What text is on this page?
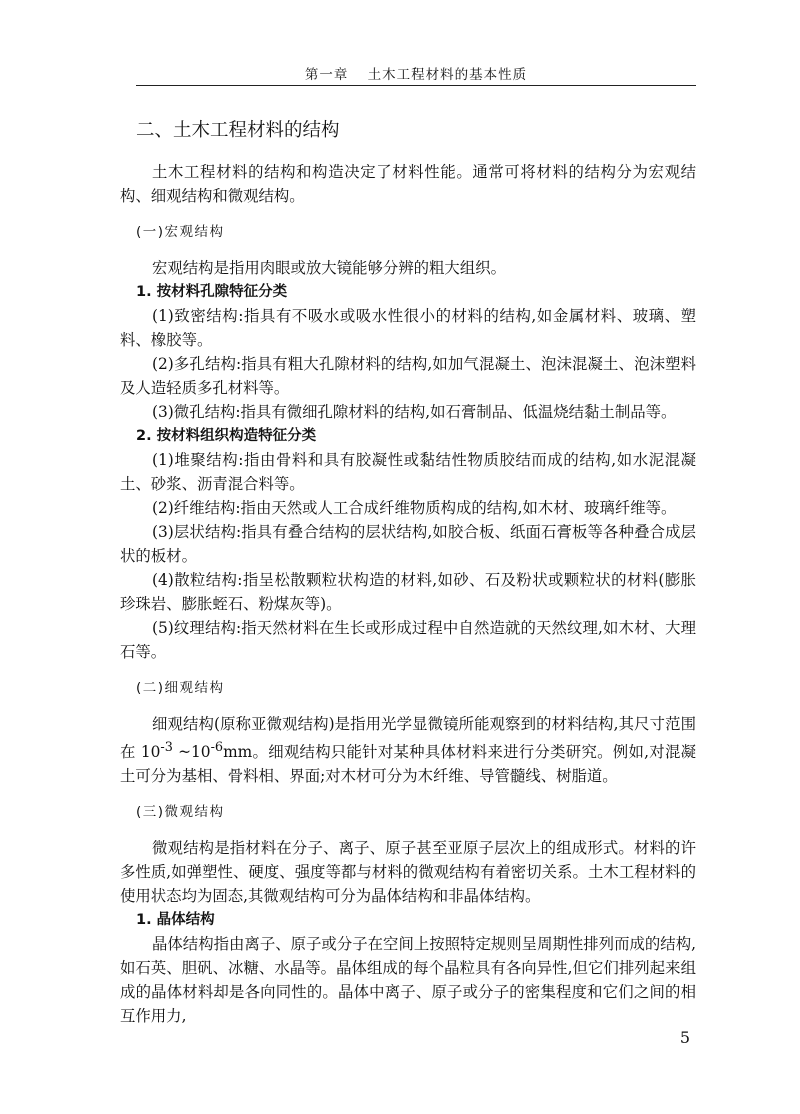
第一章 土木工程材料的基本性质
二、土木工程材料的结构

土木工程材料的结构和构造决定了材料性能。通常可将材料的结构分为宏观结构、细观结构和微观结构。

(一)宏观结构

宏观结构是指用肉眼或放大镜能够分辨的粗大组织。

1. 按材料孔隙特征分类

(1)致密结构:指具有不吸水或吸水性很小的材料的结构,如金属材料、玻璃、塑料、橡胶等。

(2)多孔结构:指具有粗大孔隙材料的结构,如加气混凝土、泡沫混凝土、泡沫塑料及人造轻质多孔材料等。

(3)微孔结构:指具有微细孔隙材料的结构,如石膏制品、低温烧结黏土制品等。

2. 按材料组织构造特征分类

(1)堆聚结构:指由骨料和具有胶凝性或黏结性物质胶结而成的结构,如水泥混凝土、砂浆、沥青混合料等。

(2)纤维结构:指由天然或人工合成纤维物质构成的结构,如木材、玻璃纤维等。

(3)层状结构:指具有叠合结构的层状结构,如胶合板、纸面石膏板等各种叠合成层状的板材。

(4)散粒结构:指呈松散颗粒状构造的材料,如砂、石及粉状或颗粒状的材料(膨胀珍珠岩、膨胀蛭石、粉煤灰等)。

(5)纹理结构:指天然材料在生长或形成过程中自然造就的天然纹理,如木材、大理石等。

(二)细观结构

细观结构(原称亚微观结构)是指用光学显微镜所能观察到的材料结构,其尺寸范围在 $10^{-3}$ $\sim 10^{-6}mm$。细观结构只能针对某种具体材料来进行分类研究。例如,对混凝土可分为基相、骨料相、界面;对木材可分为木纤维、导管髓线、树脂道。

(三)微观结构

微观结构是指材料在分子、离子、原子甚至亚原子层次上的组成形式。材料的许多性质,如弹塑性、硬度、强度等都与材料的微观结构有着密切关系。土木工程材料的使用状态均为固态,其微观结构可分为晶体结构和非晶体结构。

1. 晶体结构

晶体结构指由离子、原子或分子在空间上按照特定规则呈周期性排列而成的结构,如石英、胆矾、冰糖、水晶等。晶体组成的每个晶粒具有各向异性,但它们排列起来组成的晶体材料却是各向同性的。晶体中离子、原子或分子的密集程度和它们之间的相互作用力,

5
